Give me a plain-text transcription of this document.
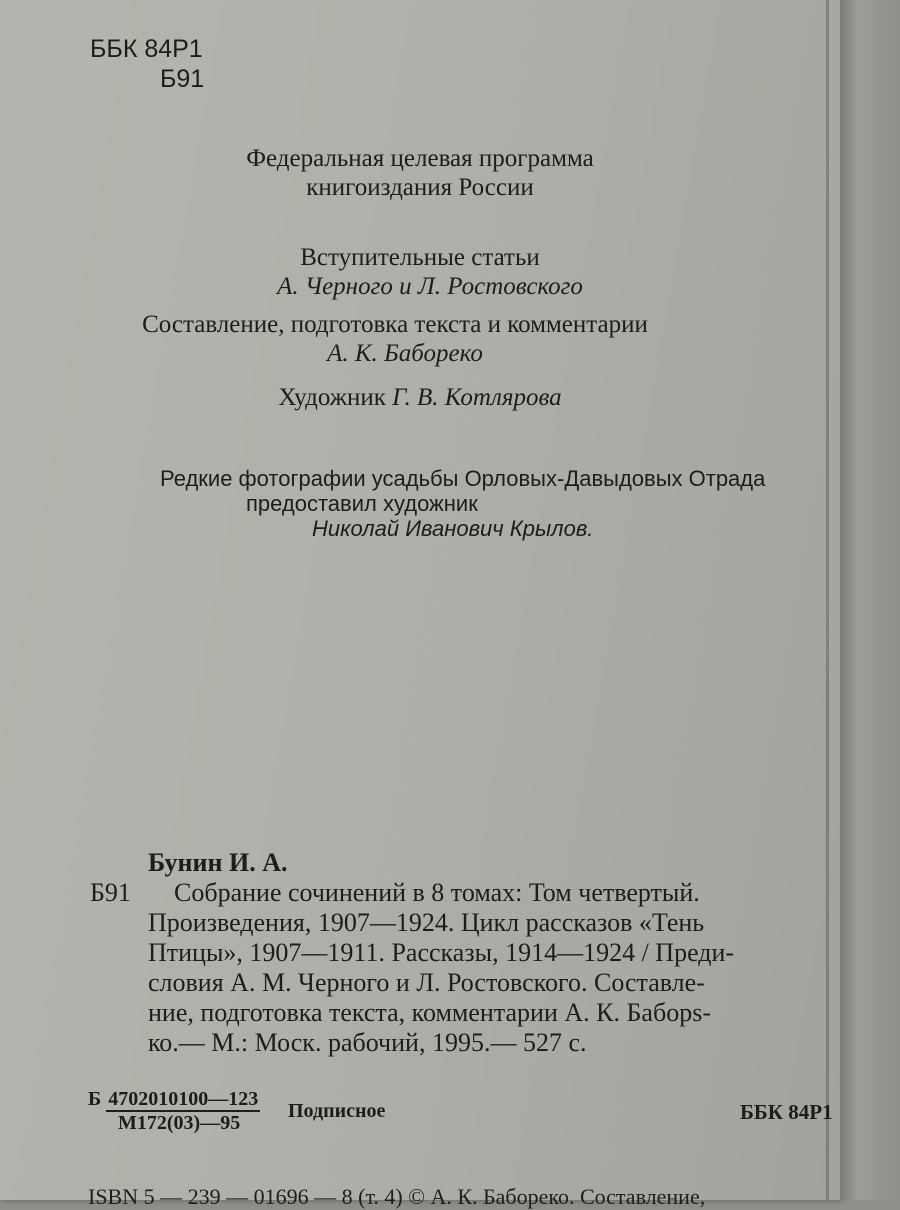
ББК 84Р1
Б91
Федеральная целевая программа
книгоиздания России
Вступительные статьи
А. Черного и Л. Ростовского
Составление, подготовка текста и комментарии
А. К. Бабореко
Художник Г. В. Котлярова
Редкие фотографии усадьбы Орловых-Давыдовых Отрада
предоставил художник
Николай Иванович Крылов.
Бунин И. А.
Собрание сочинений в 8 томах: Том четвертый.
Произведения, 1907—1924. Цикл рассказов «Тень
Птицы», 1907—1911. Рассказы, 1914—1924 / Преди-
словия А. М. Черного и Л. Ростовского. Составле-
ние, подготовка текста, комментарии А. К. Бабоps-
ко.— М.: Моск. рабочий, 1995.— 527 с.
Б91
Б 4702010100—123
М172(03)—95
Подписное	ББК 84Р1
ISBN 5 — 239 — 01696 — 8 (т. 4) © А. К. Бабореко. Составление,
